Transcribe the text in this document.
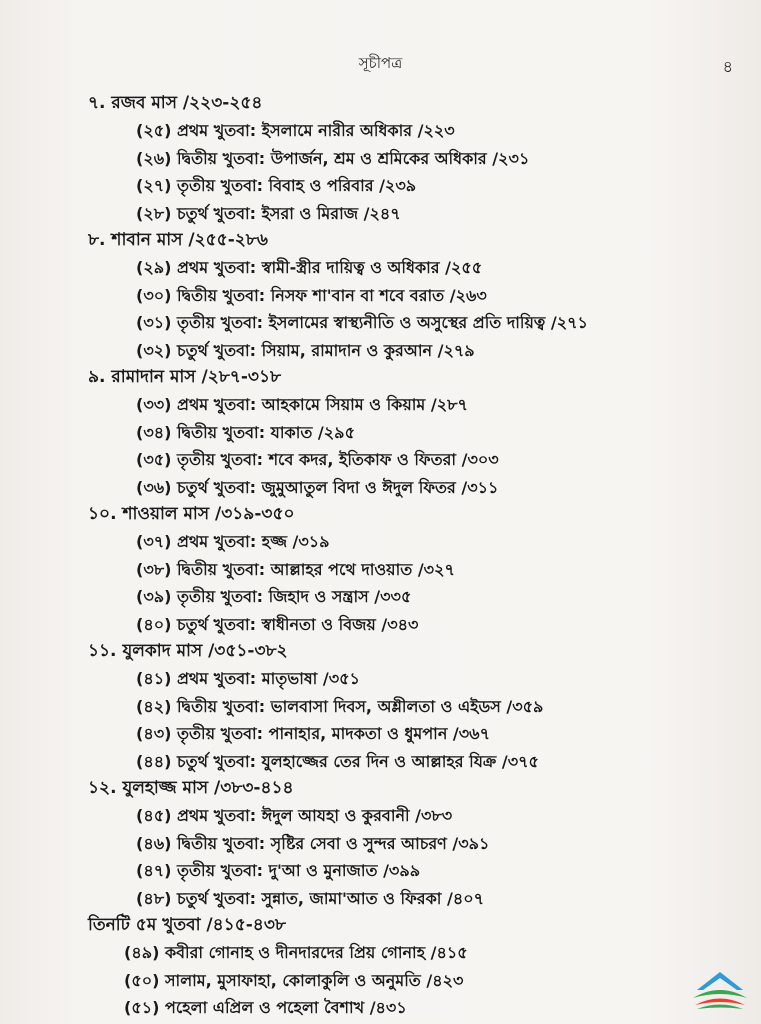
সূচীপত্র	৪
৭. রজব মাস /২২৩-২৫৪
(২৫) প্রথম খুতবা: ইসলামে নারীর অধিকার /২২৩
(২৬) দ্বিতীয় খুতবা: উপার্জন, শ্রম ও শ্রমিকের অধিকার /২৩১
(২৭) তৃতীয় খুতবা: বিবাহ ও পরিবার /২৩৯
(২৮) চতুর্থ খুতবা: ইসরা ও মিরাজ /২৪৭
৮. শাবান মাস /২৫৫-২৮৬
(২৯) প্রথম খুতবা: স্বামী-স্ত্রীর দায়িত্ব ও অধিকার /২৫৫
(৩০) দ্বিতীয় খুতবা: নিসফ শা'বান বা শবে বরাত /২৬৩
(৩১) তৃতীয় খুতবা: ইসলামের স্বাস্থ্যনীতি ও অসুস্থের প্রতি দায়িত্ব /২৭১
(৩২) চতুর্থ খুতবা: সিয়াম, রামাদান ও কুরআন /২৭৯
৯. রামাদান মাস /২৮৭-৩১৮
(৩৩) প্রথম খুতবা: আহকামে সিয়াম ও কিয়াম /২৮৭
(৩৪) দ্বিতীয় খুতবা: যাকাত /২৯৫
(৩৫) তৃতীয় খুতবা: শবে কদর, ইতিকাফ ও ফিতরা /৩০৩
(৩৬) চতুর্থ খুতবা: জুমুআতুল বিদা ও ঈদুল ফিতর /৩১১
১০. শাওয়াল মাস /৩১৯-৩৫০
(৩৭) প্রথম খুতবা: হজ্জ /৩১৯
(৩৮) দ্বিতীয় খুতবা: আল্লাহর পথে দাওয়াত /৩২৭
(৩৯) তৃতীয় খুতবা: জিহাদ ও সন্ত্রাস /৩৩৫
(৪০) চতুর্থ খুতবা: স্বাধীনতা ও বিজয় /৩৪৩
১১. যুলকাদ মাস /৩৫১-৩৮২
(৪১) প্রথম খুতবা: মাতৃভাষা /৩৫১
(৪২) দ্বিতীয় খুতবা: ভালবাসা দিবস, অশ্লীলতা ও এইডস /৩৫৯
(৪৩) তৃতীয় খুতবা: পানাহার, মাদকতা ও ধুমপান /৩৬৭
(৪৪) চতুর্থ খুতবা: যুলহাজ্জের তের দিন ও আল্লাহর যিক্র /৩৭৫
১২. যুলহাজ্জ মাস /৩৮৩-৪১৪
(৪৫) প্রথম খুতবা: ঈদুল আযহা ও কুরবানী /৩৮৩
(৪৬) দ্বিতীয় খুতবা: সৃষ্টির সেবা ও সুন্দর আচরণ /৩৯১
(৪৭) তৃতীয় খুতবা: দু'আ ও মুনাজাত /৩৯৯
(৪৮) চতুর্থ খুতবা: সুন্নাত, জামা'আত ও ফিরকা /৪০৭
তিনটি ৫ম খুতবা /৪১৫-৪৩৮
(৪৯) কবীরা গোনাহ ও দীনদারদের প্রিয় গোনাহ /৪১৫
(৫০) সালাম, মুসাফাহা, কোলাকুলি ও অনুমতি /৪২৩
(৫১) পহেলা এপ্রিল ও পহেলা বৈশাখ /৪৩১
